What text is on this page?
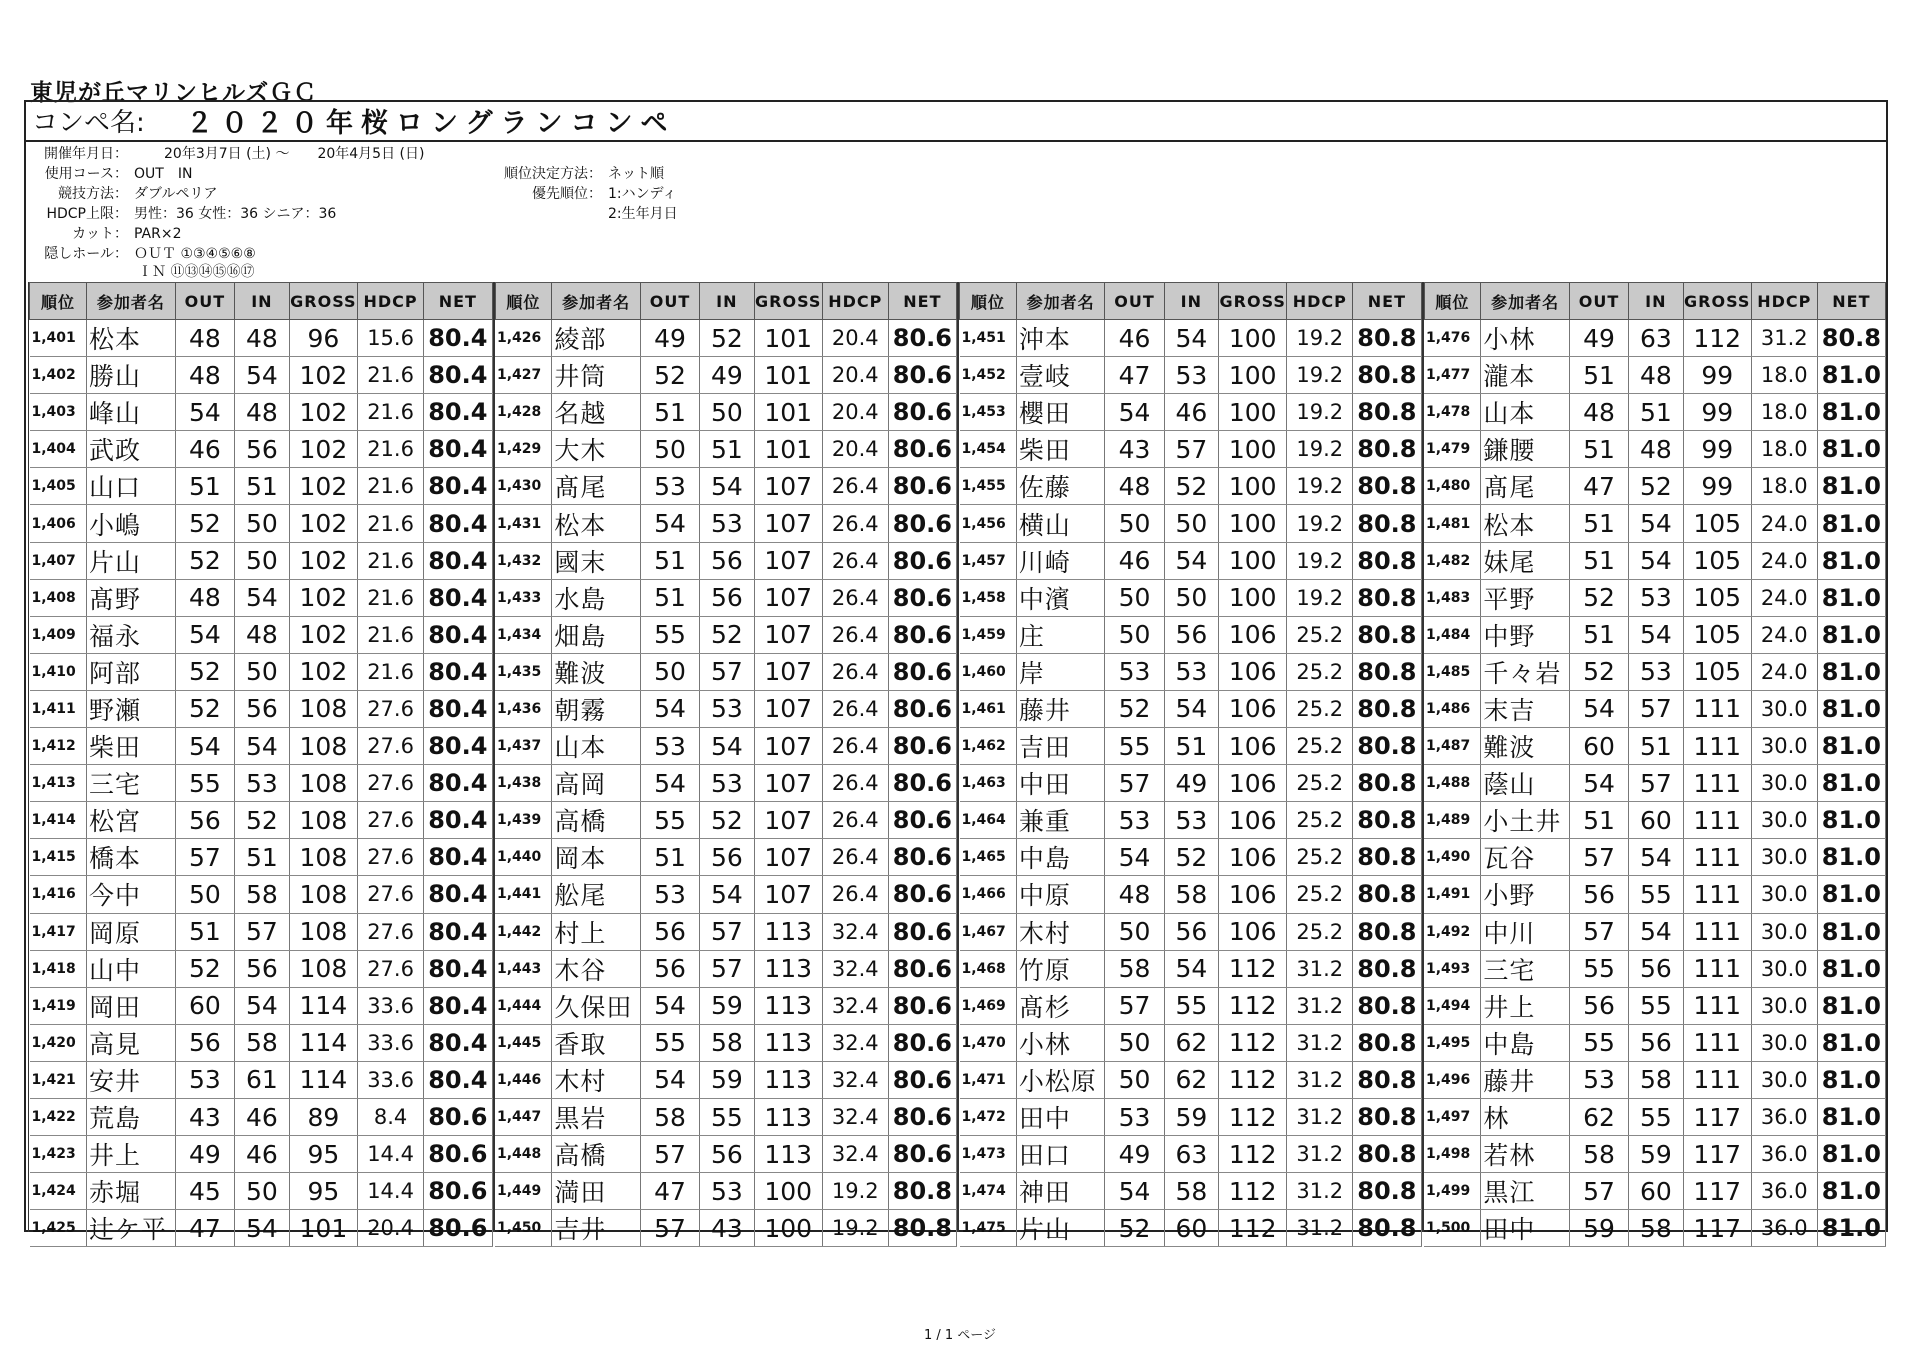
東児が丘マリンヒルズＧＣ
コンペ名: ２０２０年桜ロングランコンペ
開催年月日：	20年3月7日 (土) ～　　20年4月5日 (日)
使用コース： OUT　IN
競技方法： ダブルペリア
HDCP上限： 男性：36 女性：36 シニア：36
カット： PAR×2
隠しホール： ＯＵＴ ①③④⑤⑥⑧
ＩＮ ⑪⑬⑭⑮⑯⑰
順位決定方法： ネット順
優先順位： 1:ハンディ
2:生年月日
順位	参加者名	OUT	IN	GROSS	HDCP	NET
1,401	松本	48	48	96	15.6	80.4
1,402	勝山	48	54	102	21.6	80.4
1,403	峰山	54	48	102	21.6	80.4
1,404	武政	46	56	102	21.6	80.4
1,405	山口	51	51	102	21.6	80.4
1,406	小嶋	52	50	102	21.6	80.4
1,407	片山	52	50	102	21.6	80.4
1,408	髙野	48	54	102	21.6	80.4
1,409	福永	54	48	102	21.6	80.4
1,410	阿部	52	50	102	21.6	80.4
1,411	野瀬	52	56	108	27.6	80.4
1,412	柴田	54	54	108	27.6	80.4
1,413	三宅	55	53	108	27.6	80.4
1,414	松宮	56	52	108	27.6	80.4
1,415	橋本	57	51	108	27.6	80.4
1,416	今中	50	58	108	27.6	80.4
1,417	岡原	51	57	108	27.6	80.4
1,418	山中	52	56	108	27.6	80.4
1,419	岡田	60	54	114	33.6	80.4
1,420	高見	56	58	114	33.6	80.4
1,421	安井	53	61	114	33.6	80.4
1,422	荒島	43	46	89	8.4	80.6
1,423	井上	49	46	95	14.4	80.6
1,424	赤堀	45	50	95	14.4	80.6
1,425	辻ケ平	47	54	101	20.4	80.6
順位	参加者名	OUT	IN	GROSS	HDCP	NET
1,426	綾部	49	52	101	20.4	80.6
1,427	井筒	52	49	101	20.4	80.6
1,428	名越	51	50	101	20.4	80.6
1,429	大木	50	51	101	20.4	80.6
1,430	髙尾	53	54	107	26.4	80.6
1,431	松本	54	53	107	26.4	80.6
1,432	國末	51	56	107	26.4	80.6
1,433	水島	51	56	107	26.4	80.6
1,434	畑島	55	52	107	26.4	80.6
1,435	難波	50	57	107	26.4	80.6
1,436	朝霧	54	53	107	26.4	80.6
1,437	山本	53	54	107	26.4	80.6
1,438	高岡	54	53	107	26.4	80.6
1,439	高橋	55	52	107	26.4	80.6
1,440	岡本	51	56	107	26.4	80.6
1,441	舩尾	53	54	107	26.4	80.6
1,442	村上	56	57	113	32.4	80.6
1,443	木谷	56	57	113	32.4	80.6
1,444	久保田	54	59	113	32.4	80.6
1,445	香取	55	58	113	32.4	80.6
1,446	木村	54	59	113	32.4	80.6
1,447	黒岩	58	55	113	32.4	80.6
1,448	高橋	57	56	113	32.4	80.6
1,449	満田	47	53	100	19.2	80.8
1,450	吉井	57	43	100	19.2	80.8
順位	参加者名	OUT	IN	GROSS	HDCP	NET
1,451	沖本	46	54	100	19.2	80.8
1,452	壹岐	47	53	100	19.2	80.8
1,453	櫻田	54	46	100	19.2	80.8
1,454	柴田	43	57	100	19.2	80.8
1,455	佐藤	48	52	100	19.2	80.8
1,456	横山	50	50	100	19.2	80.8
1,457	川崎	46	54	100	19.2	80.8
1,458	中濱	50	50	100	19.2	80.8
1,459	庄	50	56	106	25.2	80.8
1,460	岸	53	53	106	25.2	80.8
1,461	藤井	52	54	106	25.2	80.8
1,462	吉田	55	51	106	25.2	80.8
1,463	中田	57	49	106	25.2	80.8
1,464	兼重	53	53	106	25.2	80.8
1,465	中島	54	52	106	25.2	80.8
1,466	中原	48	58	106	25.2	80.8
1,467	木村	50	56	106	25.2	80.8
1,468	竹原	58	54	112	31.2	80.8
1,469	髙杉	57	55	112	31.2	80.8
1,470	小林	50	62	112	31.2	80.8
1,471	小松原	50	62	112	31.2	80.8
1,472	田中	53	59	112	31.2	80.8
1,473	田口	49	63	112	31.2	80.8
1,474	神田	54	58	112	31.2	80.8
1,475	片山	52	60	112	31.2	80.8
順位	参加者名	OUT	IN	GROSS	HDCP	NET
1,476	小林	49	63	112	31.2	80.8
1,477	瀧本	51	48	99	18.0	81.0
1,478	山本	48	51	99	18.0	81.0
1,479	鎌腰	51	48	99	18.0	81.0
1,480	髙尾	47	52	99	18.0	81.0
1,481	松本	51	54	105	24.0	81.0
1,482	妹尾	51	54	105	24.0	81.0
1,483	平野	52	53	105	24.0	81.0
1,484	中野	51	54	105	24.0	81.0
1,485	千々岩	52	53	105	24.0	81.0
1,486	末吉	54	57	111	30.0	81.0
1,487	難波	60	51	111	30.0	81.0
1,488	蔭山	54	57	111	30.0	81.0
1,489	小土井	51	60	111	30.0	81.0
1,490	瓦谷	57	54	111	30.0	81.0
1,491	小野	56	55	111	30.0	81.0
1,492	中川	57	54	111	30.0	81.0
1,493	三宅	55	56	111	30.0	81.0
1,494	井上	56	55	111	30.0	81.0
1,495	中島	55	56	111	30.0	81.0
1,496	藤井	53	58	111	30.0	81.0
1,497	林	62	55	117	36.0	81.0
1,498	若林	58	59	117	36.0	81.0
1,499	黒江	57	60	117	36.0	81.0
1,500	田中	59	58	117	36.0	81.0
1 / 1 ページ
